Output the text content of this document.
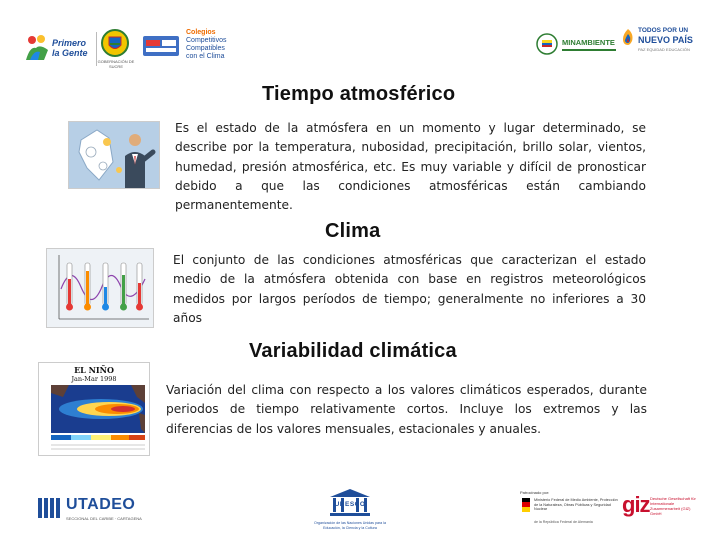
Primero la Gente
GOBERNACIÓN DE SUCRE
Colegios
Competitivos
Compatibles
con el Clima
MINAMBIENTE
TODOS POR UN
NUEVO PAÍS
PAZ EQUIDAD EDUCACIÓN
Tiempo atmosférico
Es el estado de la atmósfera en un momento y lugar determinado, se describe por la temperatura, nubosidad, precipitación, brillo solar, vientos, humedad, presión atmosférica, etc. Es muy variable y difícil de pronosticar debido a que las condiciones atmosféricas están cambiando permanentemente.
Clima
El conjunto de las condiciones atmosféricas que caracterizan el estado medio de la atmósfera obtenida con base en registros meteorológicos medidos por largos períodos de tiempo; generalmente no inferiores a 30 años
Variabilidad climática
EL NIÑO
Jan-Mar 1998
Variación del clima con respecto a los valores climáticos esperados, durante periodos de tiempo relativamente cortos. Incluye los extremos y las diferencias de los valores mensuales, estacionales y anuales.
UTADEO
SECCIONAL DEL CARIBE · CARTAGENA
UNESCO
Organización de las Naciones Unidas para la Educación, la Ciencia y la Cultura
Patrocinado por:
Ministerio Federal de Medio Ambiente, Protección de la Naturaleza, Obras Públicas y Seguridad Nuclear
de la República Federal de Alemania
giz Deutsche Gesellschaft für Internationale Zusammenarbeit (GIZ) GmbH
